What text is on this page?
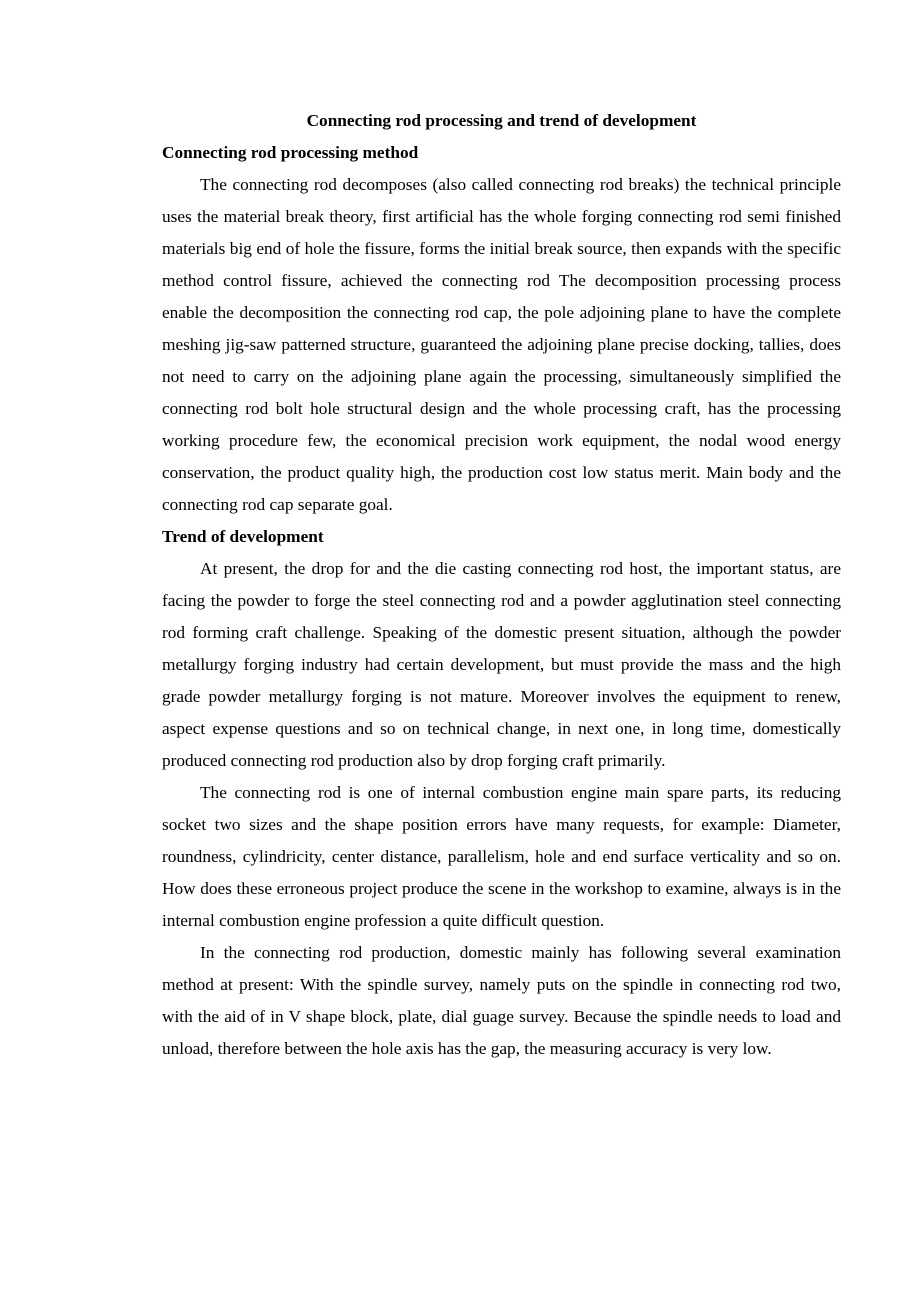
Connecting rod processing and trend of development

Connecting rod processing method

The connecting rod decomposes (also called connecting rod breaks) the technical principle uses the material break theory, first artificial has the whole forging connecting rod semi finished materials big end of hole the fissure, forms the initial break source, then expands with the specific method control fissure, achieved the connecting rod The decomposition processing process enable the decomposition the connecting rod cap, the pole adjoining plane to have the complete meshing jig-saw patterned structure, guaranteed the adjoining plane precise docking, tallies, does not need to carry on the adjoining plane again the processing, simultaneously simplified the connecting rod bolt hole structural design and the whole processing craft, has the processing working procedure few, the economical precision work equipment, the nodal wood energy conservation, the product quality high, the production cost low status merit. Main body and the connecting rod cap separate goal.

Trend of development

At present, the drop for and the die casting connecting rod host, the important status, are facing the powder to forge the steel connecting rod and a powder agglutination steel connecting rod forming craft challenge. Speaking of the domestic present situation, although the powder metallurgy forging industry had certain development, but must provide the mass and the high grade powder metallurgy forging is not mature. Moreover involves the equipment to renew, aspect expense questions and so on technical change, in next one, in long time, domestically produced connecting rod production also by drop forging craft primarily.

The connecting rod is one of internal combustion engine main spare parts, its reducing socket two sizes and the shape position errors have many requests, for example: Diameter, roundness, cylindricity, center distance, parallelism, hole and end surface verticality and so on. How does these erroneous project produce the scene in the workshop to examine, always is in the internal combustion engine profession a quite difficult question.

In the connecting rod production, domestic mainly has following several examination method at present: With the spindle survey, namely puts on the spindle in connecting rod two, with the aid of in V shape block, plate, dial guage survey. Because the spindle needs to load and unload, therefore between the hole axis has the gap, the measuring accuracy is very low.
